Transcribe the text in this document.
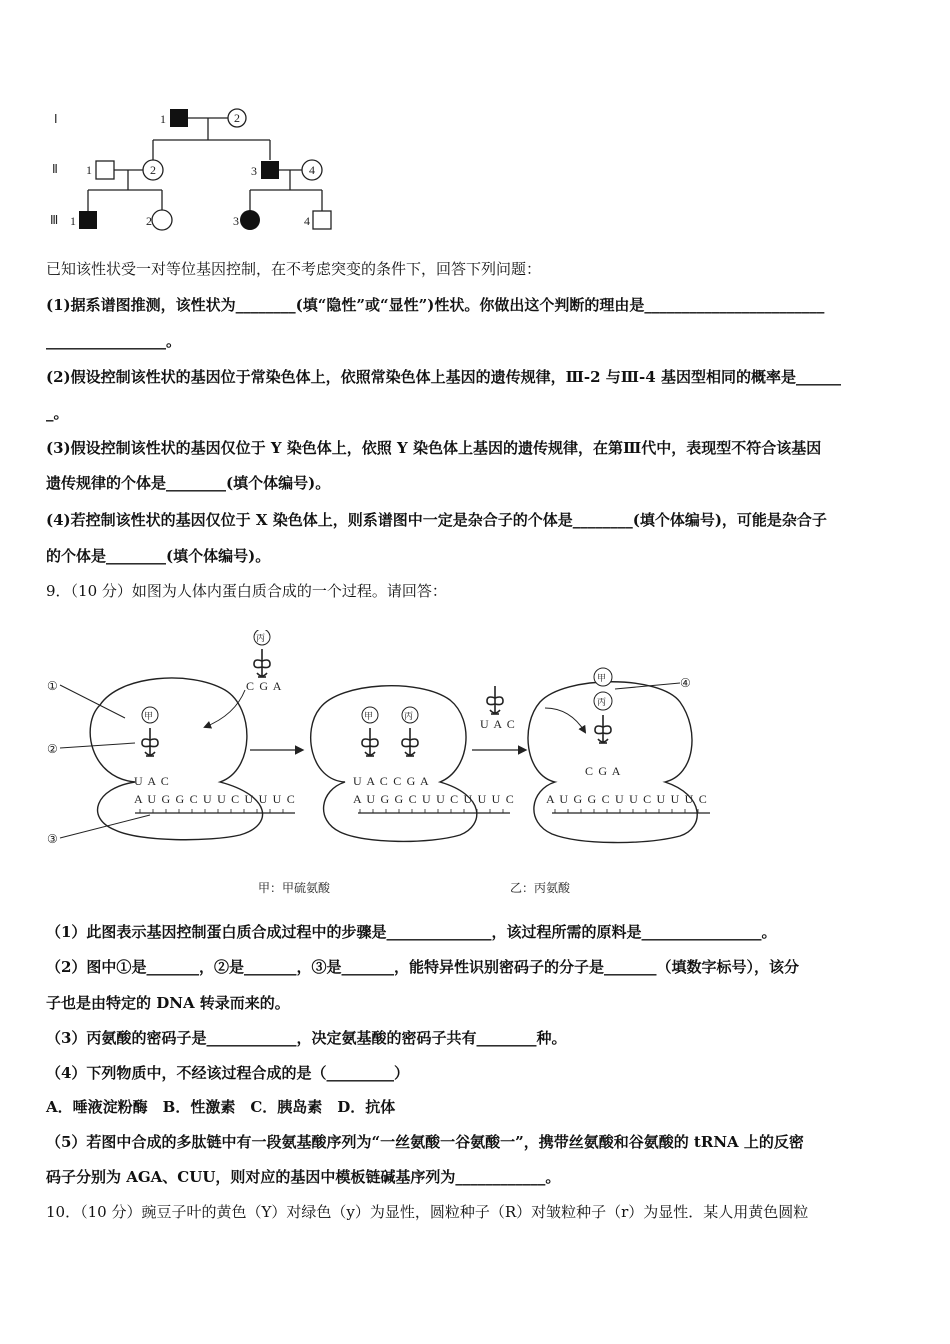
Ⅰ
Ⅱ
Ⅲ
1	2
1	2	3	4
1	2	3	4
已知该性状受一对等位基因控制，在不考虑突变的条件下，回答下列问题：
(1)据系谱图推测，该性状为________(填“隐性”或“显性”)性状。你做出这个判断的理由是________________________
________________。
(2)假设控制该性状的基因位于常染色体上，依照常染色体上基因的遗传规律，Ⅲ-2 与Ⅲ-4 基因型相同的概率是______
_。
(3)假设控制该性状的基因仅位于 Y 染色体上，依照 Y 染色体上基因的遗传规律，在第Ⅲ代中，表现型不符合该基因
遗传规律的个体是________(填个体编号)。
(4)若控制该性状的基因仅位于 X 染色体上，则系谱图中一定是杂合子的个体是________(填个体编号)，可能是杂合子
的个体是________(填个体编号)。
9．（10 分）如图为人体内蛋白质合成的一个过程。请回答：
①
②
③
丙
C G A
甲
U A C
A U G G C U U C U U U C
甲	丙
U A C C G A
A U G G C U U C U U U C
U A C
甲
丙
④
C G A
A U G G C U U C U U U C
甲：甲硫氨酸	乙：丙氨酸
（1）此图表示基因控制蛋白质合成过程中的步骤是______________，该过程所需的原料是________________。
（2）图中①是_______，②是_______，③是_______，能特异性识别密码子的分子是_______（填数字标号），该分
子也是由特定的 DNA 转录而来的。
（3）丙氨酸的密码子是____________，决定氨基酸的密码子共有________种。
（4）下列物质中，不经该过程合成的是（_________）
A．唾液淀粉酶　B．性激素　C．胰岛素　D．抗体
（5）若图中合成的多肽链中有一段氨基酸序列为“一丝氨酸一谷氨酸一”，携带丝氨酸和谷氨酸的 tRNA 上的反密
码子分别为 AGA、CUU，则对应的基因中模板链碱基序列为____________。
10．（10 分）豌豆子叶的黄色（Y）对绿色（y）为显性，圆粒种子（R）对皱粒种子（r）为显性．某人用黄色圆粒
